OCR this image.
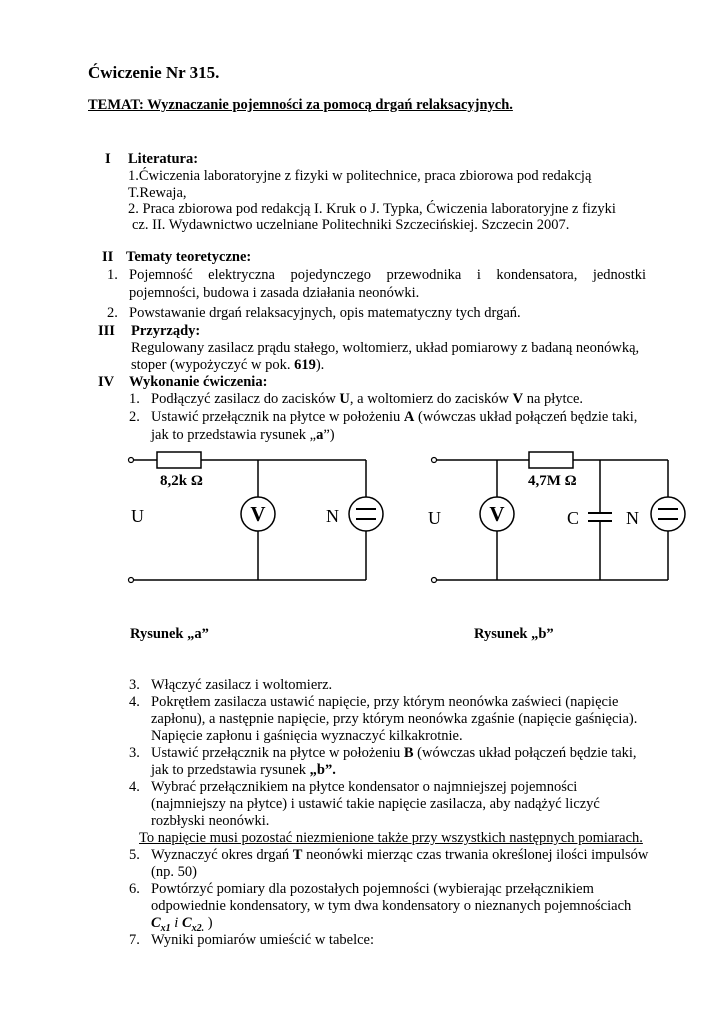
Ćwiczenie Nr 315.
TEMAT: Wyznaczanie pojemności za pomocą drgań relaksacyjnych.
I Literatura:
1.Ćwiczenia laboratoryjne z fizyki w politechnice, praca zbiorowa pod redakcją
T.Rewaja,
2. Praca zbiorowa pod redakcją I. Kruk o J. Typka, Ćwiczenia laboratoryjne z fizyki
cz. II. Wydawnictwo uczelniane Politechniki Szczecińskiej. Szczecin 2007.
II Tematy teoretyczne:
1. Pojemność elektryczna pojedynczego przewodnika i kondensatora, jednostki
pojemności, budowa i zasada działania neonówki.
2. Powstawanie drgań relaksacyjnych, opis matematyczny tych drgań.
III Przyrządy:
Regulowany zasilacz prądu stałego, woltomierz, układ pomiarowy z badaną neonówką,
stoper (wypożyczyć w pok. 619).
IV Wykonanie ćwiczenia:
1. Podłączyć zasilacz do zacisków U, a woltomierz do zacisków V na płytce.
2. Ustawić przełącznik na płytce w położeniu A (wówczas układ połączeń będzie taki,
jak to przedstawia rysunek „a”)
8,2k Ω
U	V	N
4,7M Ω
U V	C	N
Rysunek „a”	Rysunek „b”
3. Włączyć zasilacz i woltomierz.
4. Pokrętłem zasilacza ustawić napięcie, przy którym neonówka zaświeci (napięcie
zapłonu), a następnie napięcie, przy którym neonówka zgaśnie (napięcie gaśnięcia).
Napięcie zapłonu i gaśnięcia wyznaczyć kilkakrotnie.
3. Ustawić przełącznik na płytce w położeniu B (wówczas układ połączeń będzie taki,
jak to przedstawia rysunek „b”.
4. Wybrać przełącznikiem na płytce kondensator o najmniejszej pojemności
(najmniejszy na płytce) i ustawić takie napięcie zasilacza, aby nadążyć liczyć
rozbłyski neonówki.
To napięcie musi pozostać niezmienione także przy wszystkich następnych pomiarach.
5. Wyznaczyć okres drgań T neonówki mierząc czas trwania określonej ilości impulsów
(np. 50)
6. Powtórzyć pomiary dla pozostałych pojemności (wybierając przełącznikiem
odpowiednie kondensatory, w tym dwa kondensatory o nieznanych pojemnościach
$C_{x1}$ i $C_{x2.}$ )
7. Wyniki pomiarów umieścić w tabelce:
